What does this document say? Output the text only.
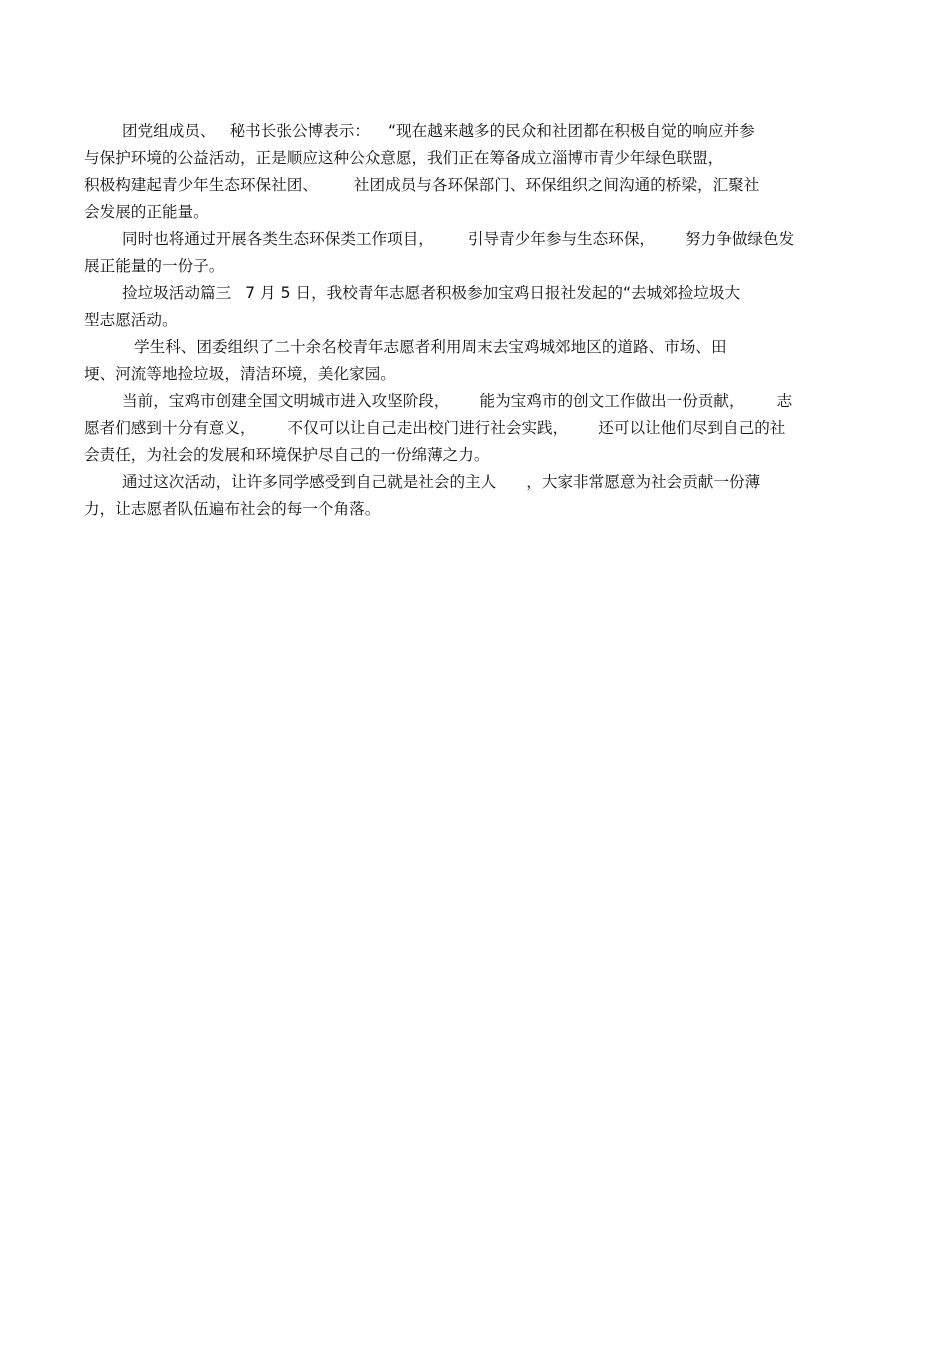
团党组成员、 秘书长张公博表示： “现在越来越多的民众和社团都在积极自觉的响应并参
与保护环境的公益活动，正是顺应这种公众意愿，我们正在筹备成立淄博市青少年绿色联盟，
积极构建起青少年生态环保社团、 社团成员与各环保部门、环保组织之间沟通的桥梁，汇聚社
会发展的正能量。
同时也将通过开展各类生态环保类工作项目， 引导青少年参与生态环保， 努力争做绿色发
展正能量的一份子。
捡垃圾活动篇三 7 月 5 日，我校青年志愿者积极参加宝鸡日报社发起的“去城郊捡垃圾大
型志愿活动。
学生科、团委组织了二十余名校青年志愿者利用周末去宝鸡城郊地区的道路、市场、田
埂、河流等地捡垃圾，清洁环境，美化家园。
当前，宝鸡市创建全国文明城市进入攻坚阶段， 能为宝鸡市的创文工作做出一份贡献， 志
愿者们感到十分有意义， 不仅可以让自己走出校门进行社会实践， 还可以让他们尽到自己的社
会责任，为社会的发展和环境保护尽自己的一份绵薄之力。
通过这次活动，让许多同学感受到自己就是社会的主人 ，大家非常愿意为社会贡献一份薄
力，让志愿者队伍遍布社会的每一个角落。
